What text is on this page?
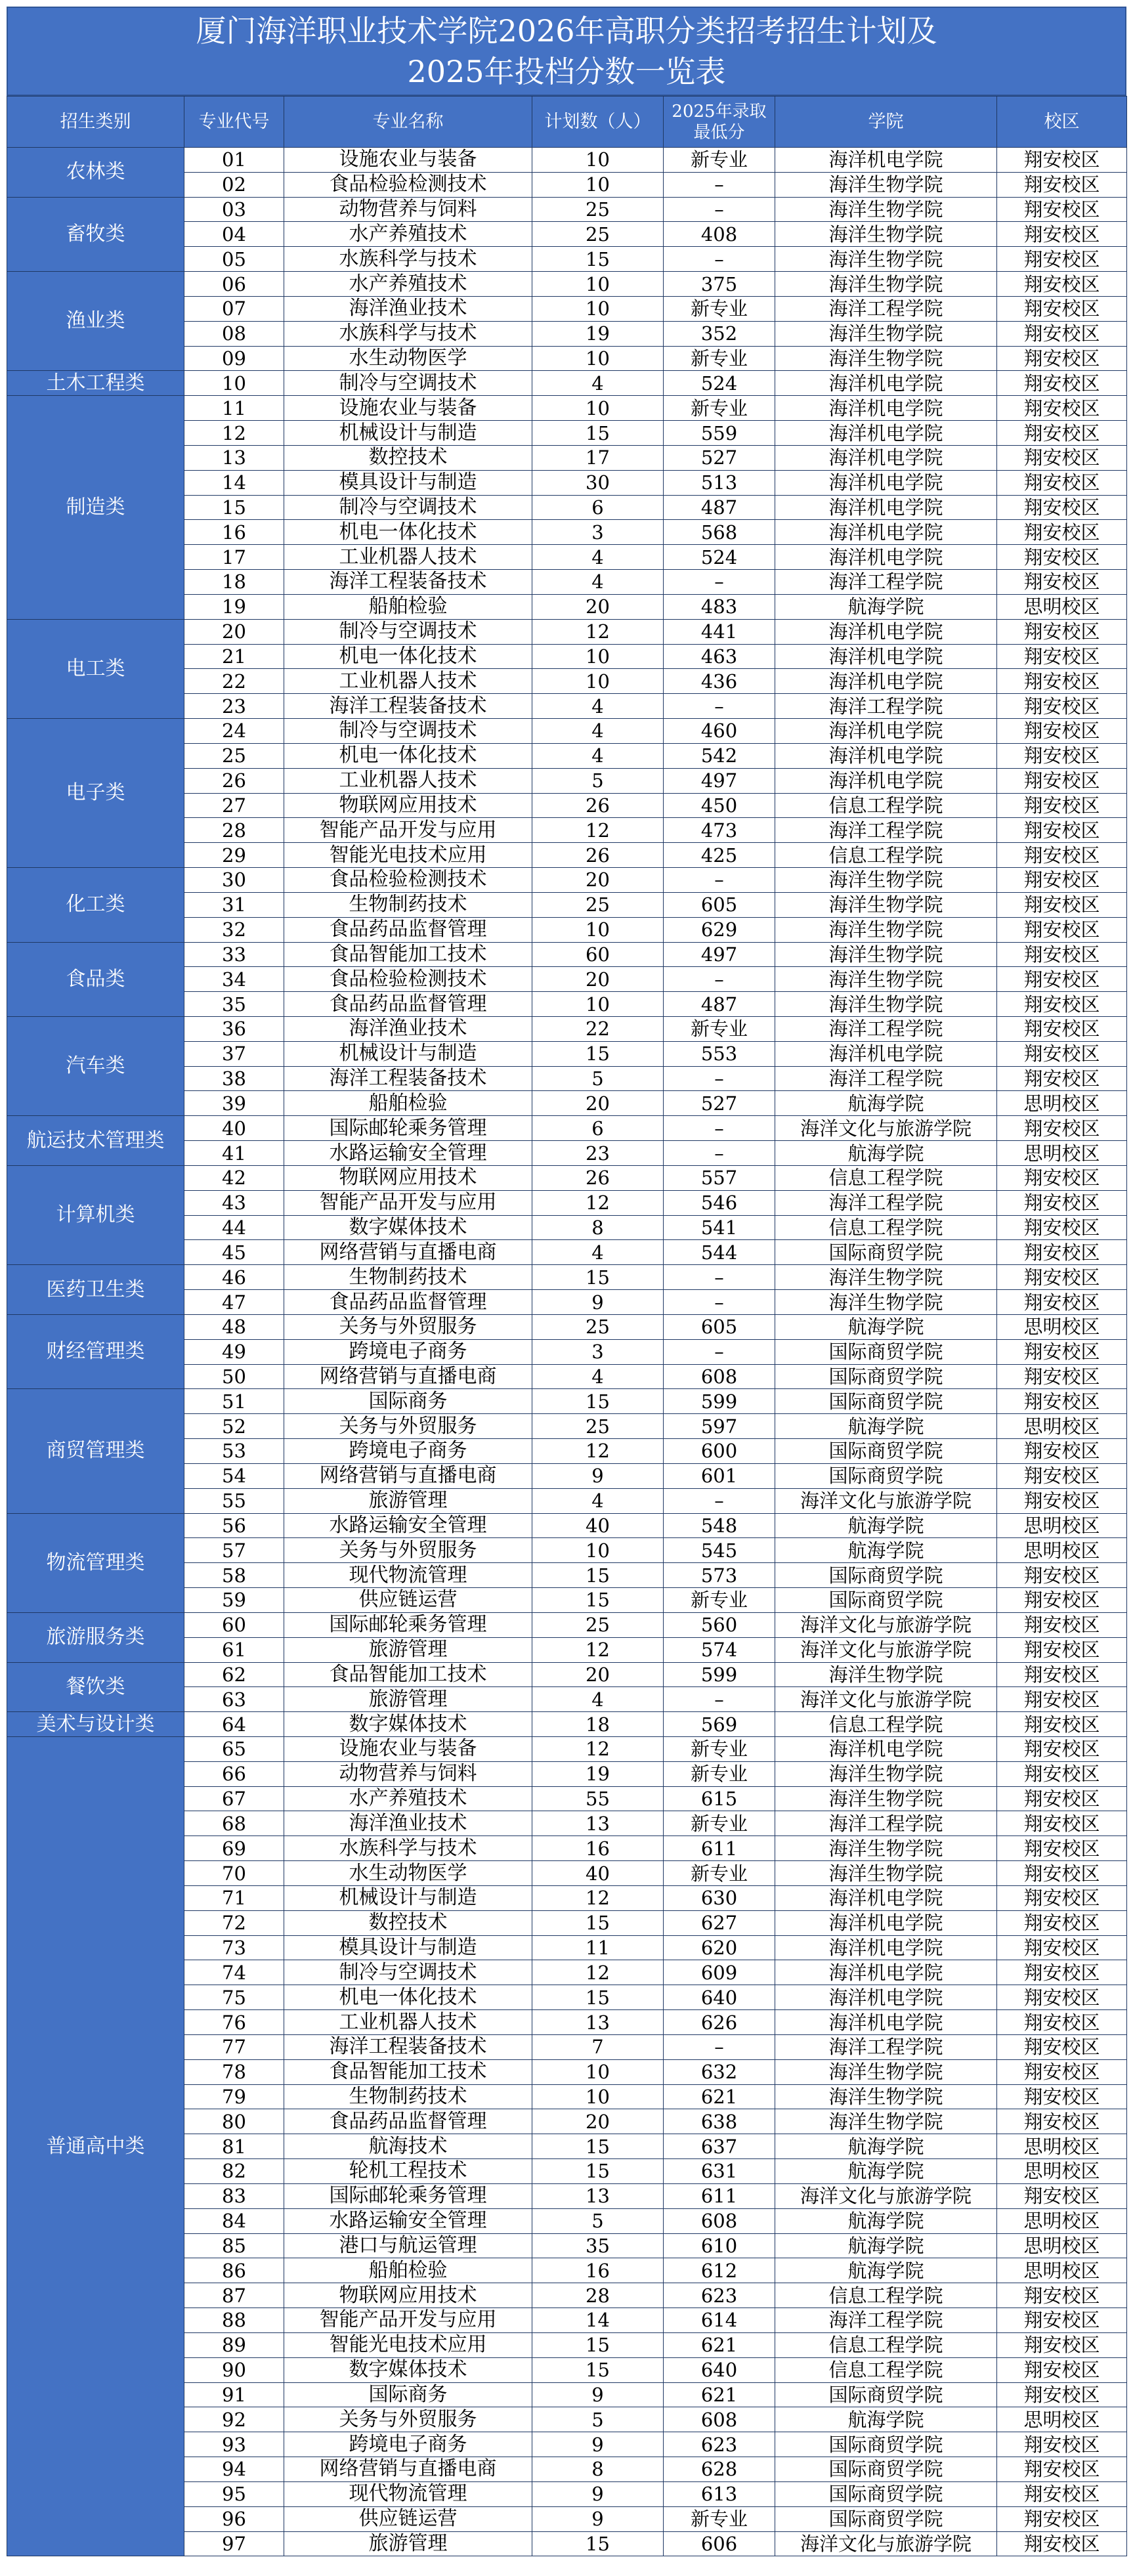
厦门海洋职业技术学院2026年高职分类招考招生计划及
2025年投档分数一览表
招生类别	专业代号	专业名称	计划数（人）	2025年录取最低分	学院	校区
农林类	01	设施农业与装备	10	新专业	海洋机电学院	翔安校区
	02	食品检验检测技术	10	–	海洋生物学院	翔安校区
畜牧类	03	动物营养与饲料	25	–	海洋生物学院	翔安校区
	04	水产养殖技术	25	408	海洋生物学院	翔安校区
	05	水族科学与技术	15	–	海洋生物学院	翔安校区
渔业类	06	水产养殖技术	10	375	海洋生物学院	翔安校区
	07	海洋渔业技术	10	新专业	海洋工程学院	翔安校区
	08	水族科学与技术	19	352	海洋生物学院	翔安校区
	09	水生动物医学	10	新专业	海洋生物学院	翔安校区
土木工程类	10	制冷与空调技术	4	524	海洋机电学院	翔安校区
制造类	11	设施农业与装备	10	新专业	海洋机电学院	翔安校区
	12	机械设计与制造	15	559	海洋机电学院	翔安校区
	13	数控技术	17	527	海洋机电学院	翔安校区
	14	模具设计与制造	30	513	海洋机电学院	翔安校区
	15	制冷与空调技术	6	487	海洋机电学院	翔安校区
	16	机电一体化技术	3	568	海洋机电学院	翔安校区
	17	工业机器人技术	4	524	海洋机电学院	翔安校区
	18	海洋工程装备技术	4	–	海洋工程学院	翔安校区
	19	船舶检验	20	483	航海学院	思明校区
电工类	20	制冷与空调技术	12	441	海洋机电学院	翔安校区
	21	机电一体化技术	10	463	海洋机电学院	翔安校区
	22	工业机器人技术	10	436	海洋机电学院	翔安校区
	23	海洋工程装备技术	4	–	海洋工程学院	翔安校区
电子类	24	制冷与空调技术	4	460	海洋机电学院	翔安校区
	25	机电一体化技术	4	542	海洋机电学院	翔安校区
	26	工业机器人技术	5	497	海洋机电学院	翔安校区
	27	物联网应用技术	26	450	信息工程学院	翔安校区
	28	智能产品开发与应用	12	473	海洋工程学院	翔安校区
	29	智能光电技术应用	26	425	信息工程学院	翔安校区
化工类	30	食品检验检测技术	20	–	海洋生物学院	翔安校区
	31	生物制药技术	25	605	海洋生物学院	翔安校区
	32	食品药品监督管理	10	629	海洋生物学院	翔安校区
食品类	33	食品智能加工技术	60	497	海洋生物学院	翔安校区
	34	食品检验检测技术	20	–	海洋生物学院	翔安校区
	35	食品药品监督管理	10	487	海洋生物学院	翔安校区
汽车类	36	海洋渔业技术	22	新专业	海洋工程学院	翔安校区
	37	机械设计与制造	15	553	海洋机电学院	翔安校区
	38	海洋工程装备技术	5	–	海洋工程学院	翔安校区
	39	船舶检验	20	527	航海学院	思明校区
航运技术管理类	40	国际邮轮乘务管理	6	–	海洋文化与旅游学院	翔安校区
	41	水路运输安全管理	23	–	航海学院	思明校区
计算机类	42	物联网应用技术	26	557	信息工程学院	翔安校区
	43	智能产品开发与应用	12	546	海洋工程学院	翔安校区
	44	数字媒体技术	8	541	信息工程学院	翔安校区
	45	网络营销与直播电商	4	544	国际商贸学院	翔安校区
医药卫生类	46	生物制药技术	15	–	海洋生物学院	翔安校区
	47	食品药品监督管理	9	–	海洋生物学院	翔安校区
财经管理类	48	关务与外贸服务	25	605	航海学院	思明校区
	49	跨境电子商务	3	–	国际商贸学院	翔安校区
	50	网络营销与直播电商	4	608	国际商贸学院	翔安校区
商贸管理类	51	国际商务	15	599	国际商贸学院	翔安校区
	52	关务与外贸服务	25	597	航海学院	思明校区
	53	跨境电子商务	12	600	国际商贸学院	翔安校区
	54	网络营销与直播电商	9	601	国际商贸学院	翔安校区
	55	旅游管理	4	–	海洋文化与旅游学院	翔安校区
物流管理类	56	水路运输安全管理	40	548	航海学院	思明校区
	57	关务与外贸服务	10	545	航海学院	思明校区
	58	现代物流管理	15	573	国际商贸学院	翔安校区
	59	供应链运营	15	新专业	国际商贸学院	翔安校区
旅游服务类	60	国际邮轮乘务管理	25	560	海洋文化与旅游学院	翔安校区
	61	旅游管理	12	574	海洋文化与旅游学院	翔安校区
餐饮类	62	食品智能加工技术	20	599	海洋生物学院	翔安校区
	63	旅游管理	4	–	海洋文化与旅游学院	翔安校区
美术与设计类	64	数字媒体技术	18	569	信息工程学院	翔安校区
普通高中类	65	设施农业与装备	12	新专业	海洋机电学院	翔安校区
	66	动物营养与饲料	19	新专业	海洋生物学院	翔安校区
	67	水产养殖技术	55	615	海洋生物学院	翔安校区
	68	海洋渔业技术	13	新专业	海洋工程学院	翔安校区
	69	水族科学与技术	16	611	海洋生物学院	翔安校区
	70	水生动物医学	40	新专业	海洋生物学院	翔安校区
	71	机械设计与制造	12	630	海洋机电学院	翔安校区
	72	数控技术	15	627	海洋机电学院	翔安校区
	73	模具设计与制造	11	620	海洋机电学院	翔安校区
	74	制冷与空调技术	12	609	海洋机电学院	翔安校区
	75	机电一体化技术	15	640	海洋机电学院	翔安校区
	76	工业机器人技术	13	626	海洋机电学院	翔安校区
	77	海洋工程装备技术	7	–	海洋工程学院	翔安校区
	78	食品智能加工技术	10	632	海洋生物学院	翔安校区
	79	生物制药技术	10	621	海洋生物学院	翔安校区
	80	食品药品监督管理	20	638	海洋生物学院	翔安校区
	81	航海技术	15	637	航海学院	思明校区
	82	轮机工程技术	15	631	航海学院	思明校区
	83	国际邮轮乘务管理	13	611	海洋文化与旅游学院	翔安校区
	84	水路运输安全管理	5	608	航海学院	思明校区
	85	港口与航运管理	35	610	航海学院	思明校区
	86	船舶检验	16	612	航海学院	思明校区
	87	物联网应用技术	28	623	信息工程学院	翔安校区
	88	智能产品开发与应用	14	614	海洋工程学院	翔安校区
	89	智能光电技术应用	15	621	信息工程学院	翔安校区
	90	数字媒体技术	15	640	信息工程学院	翔安校区
	91	国际商务	9	621	国际商贸学院	翔安校区
	92	关务与外贸服务	5	608	航海学院	思明校区
	93	跨境电子商务	9	623	国际商贸学院	翔安校区
	94	网络营销与直播电商	8	628	国际商贸学院	翔安校区
	95	现代物流管理	9	613	国际商贸学院	翔安校区
	96	供应链运营	9	新专业	国际商贸学院	翔安校区
	97	旅游管理	15	606	海洋文化与旅游学院	翔安校区
